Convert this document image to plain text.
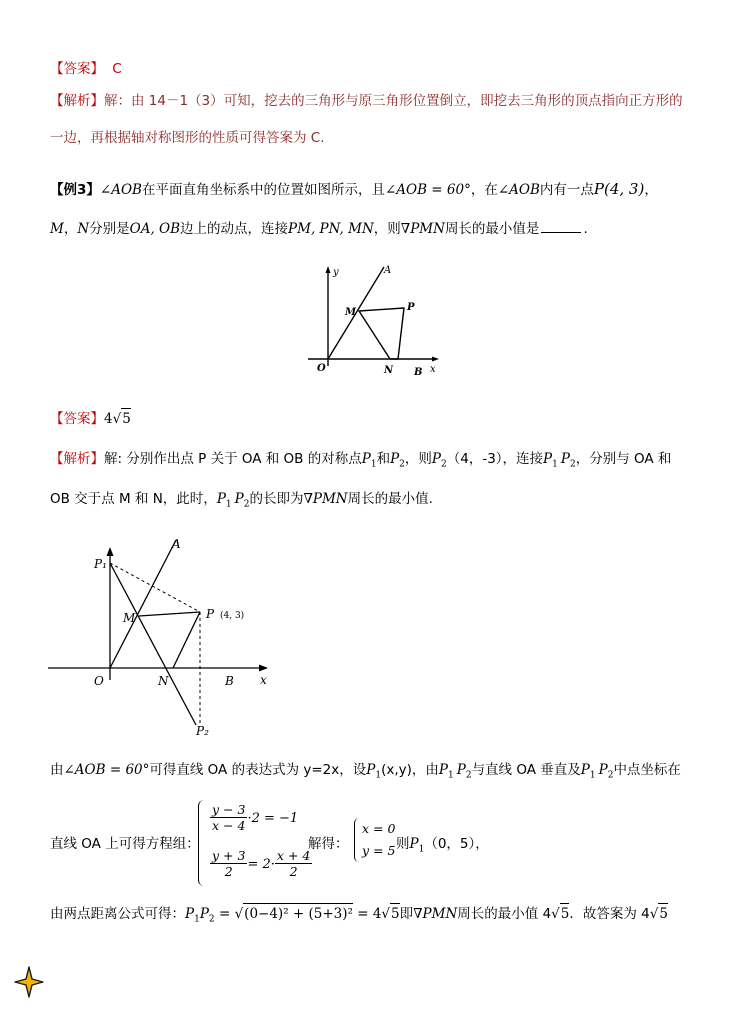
【答案】 C
【解析】解：由 14－1（3）可知，挖去的三角形与原三角形位置倒立，即挖去三角形的顶点指向正方形的
一边，再根据轴对称图形的性质可得答案为 C.
【例3】∠AOB在平面直角坐标系中的位置如图所示，且∠AOB = 60°，在∠AOB内有一点P(4, 3)，
M，N分别是OA, OB边上的动点，连接PM, PN, MN，则∇PMN周长的最小值是	.
y	A
M	P
O	N B x
【答案】4√5
【解析】解: 分别作出点 P 关于 OA 和 OB 的对称点$P_1$和$P_2$，则$P_2(4$，-3），连接$P_1$ $P_2$，分别与 OA 和
OB 交于点 M 和 N，此时，$P_1$ $P_2$的长即为∇PMN周长的最小值.
P₁
A
M	P
O	N	B x
P₂
(4, 3)
由∠AOB = 60°可得直线 OA 的表达式为 y=2x，设$P_1(x,y)$，由$P_1$ $P_2$与直线 OA 垂直及$P_1$ $P_2$中点坐标在
直线 OA 上可得方程组：
$\frac{y - 3}{x - 4} \cdot 2 = -1$
$\frac{y + 3}{2} = 2\cdot \frac{x + 4}{2}$
解得：
x = 0
y = 5 则$P_1(0$，5），
由两点距离公式可得：$P_1P_2 = √(0-4)^2 + (5+3)^2 = 4√5$即∇PMN周长的最小值 4√5．故答案为 4√5
